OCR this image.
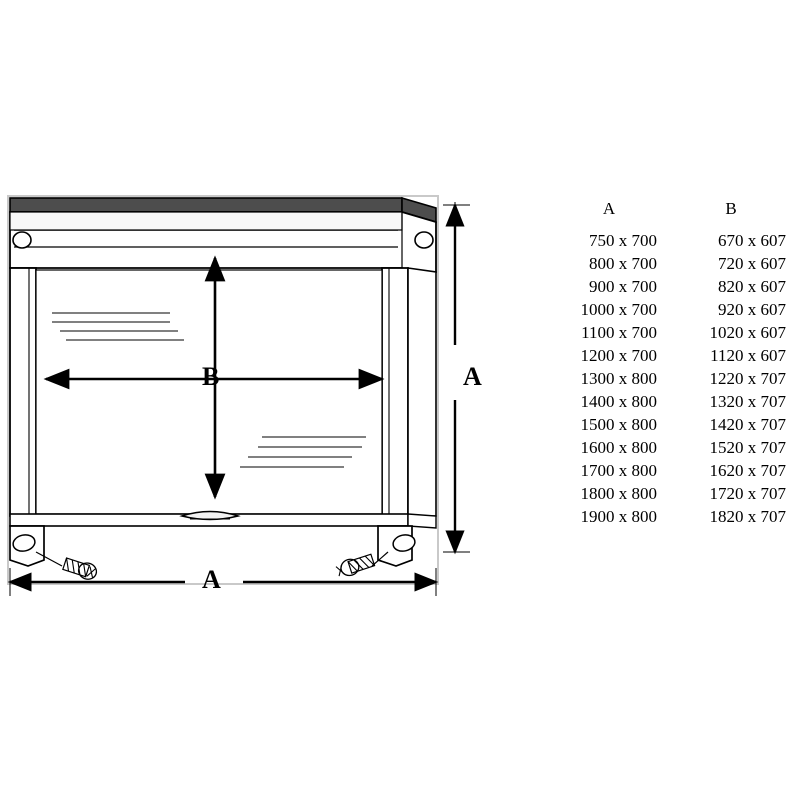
B	A
A
A	B
750 x 700	670 x 607
800 x 700	720 x 607
900 x 700	820 x 607
1000 x 700	920 x 607
1100 x 700	1020 x 607
1200 x 700	1120 x 607
1300 x 800	1220 x 707
1400 x 800	1320 x 707
1500 x 800	1420 x 707
1600 x 800	1520 x 707
1700 x 800	1620 x 707
1800 x 800	1720 x 707
1900 x 800	1820 x 707
